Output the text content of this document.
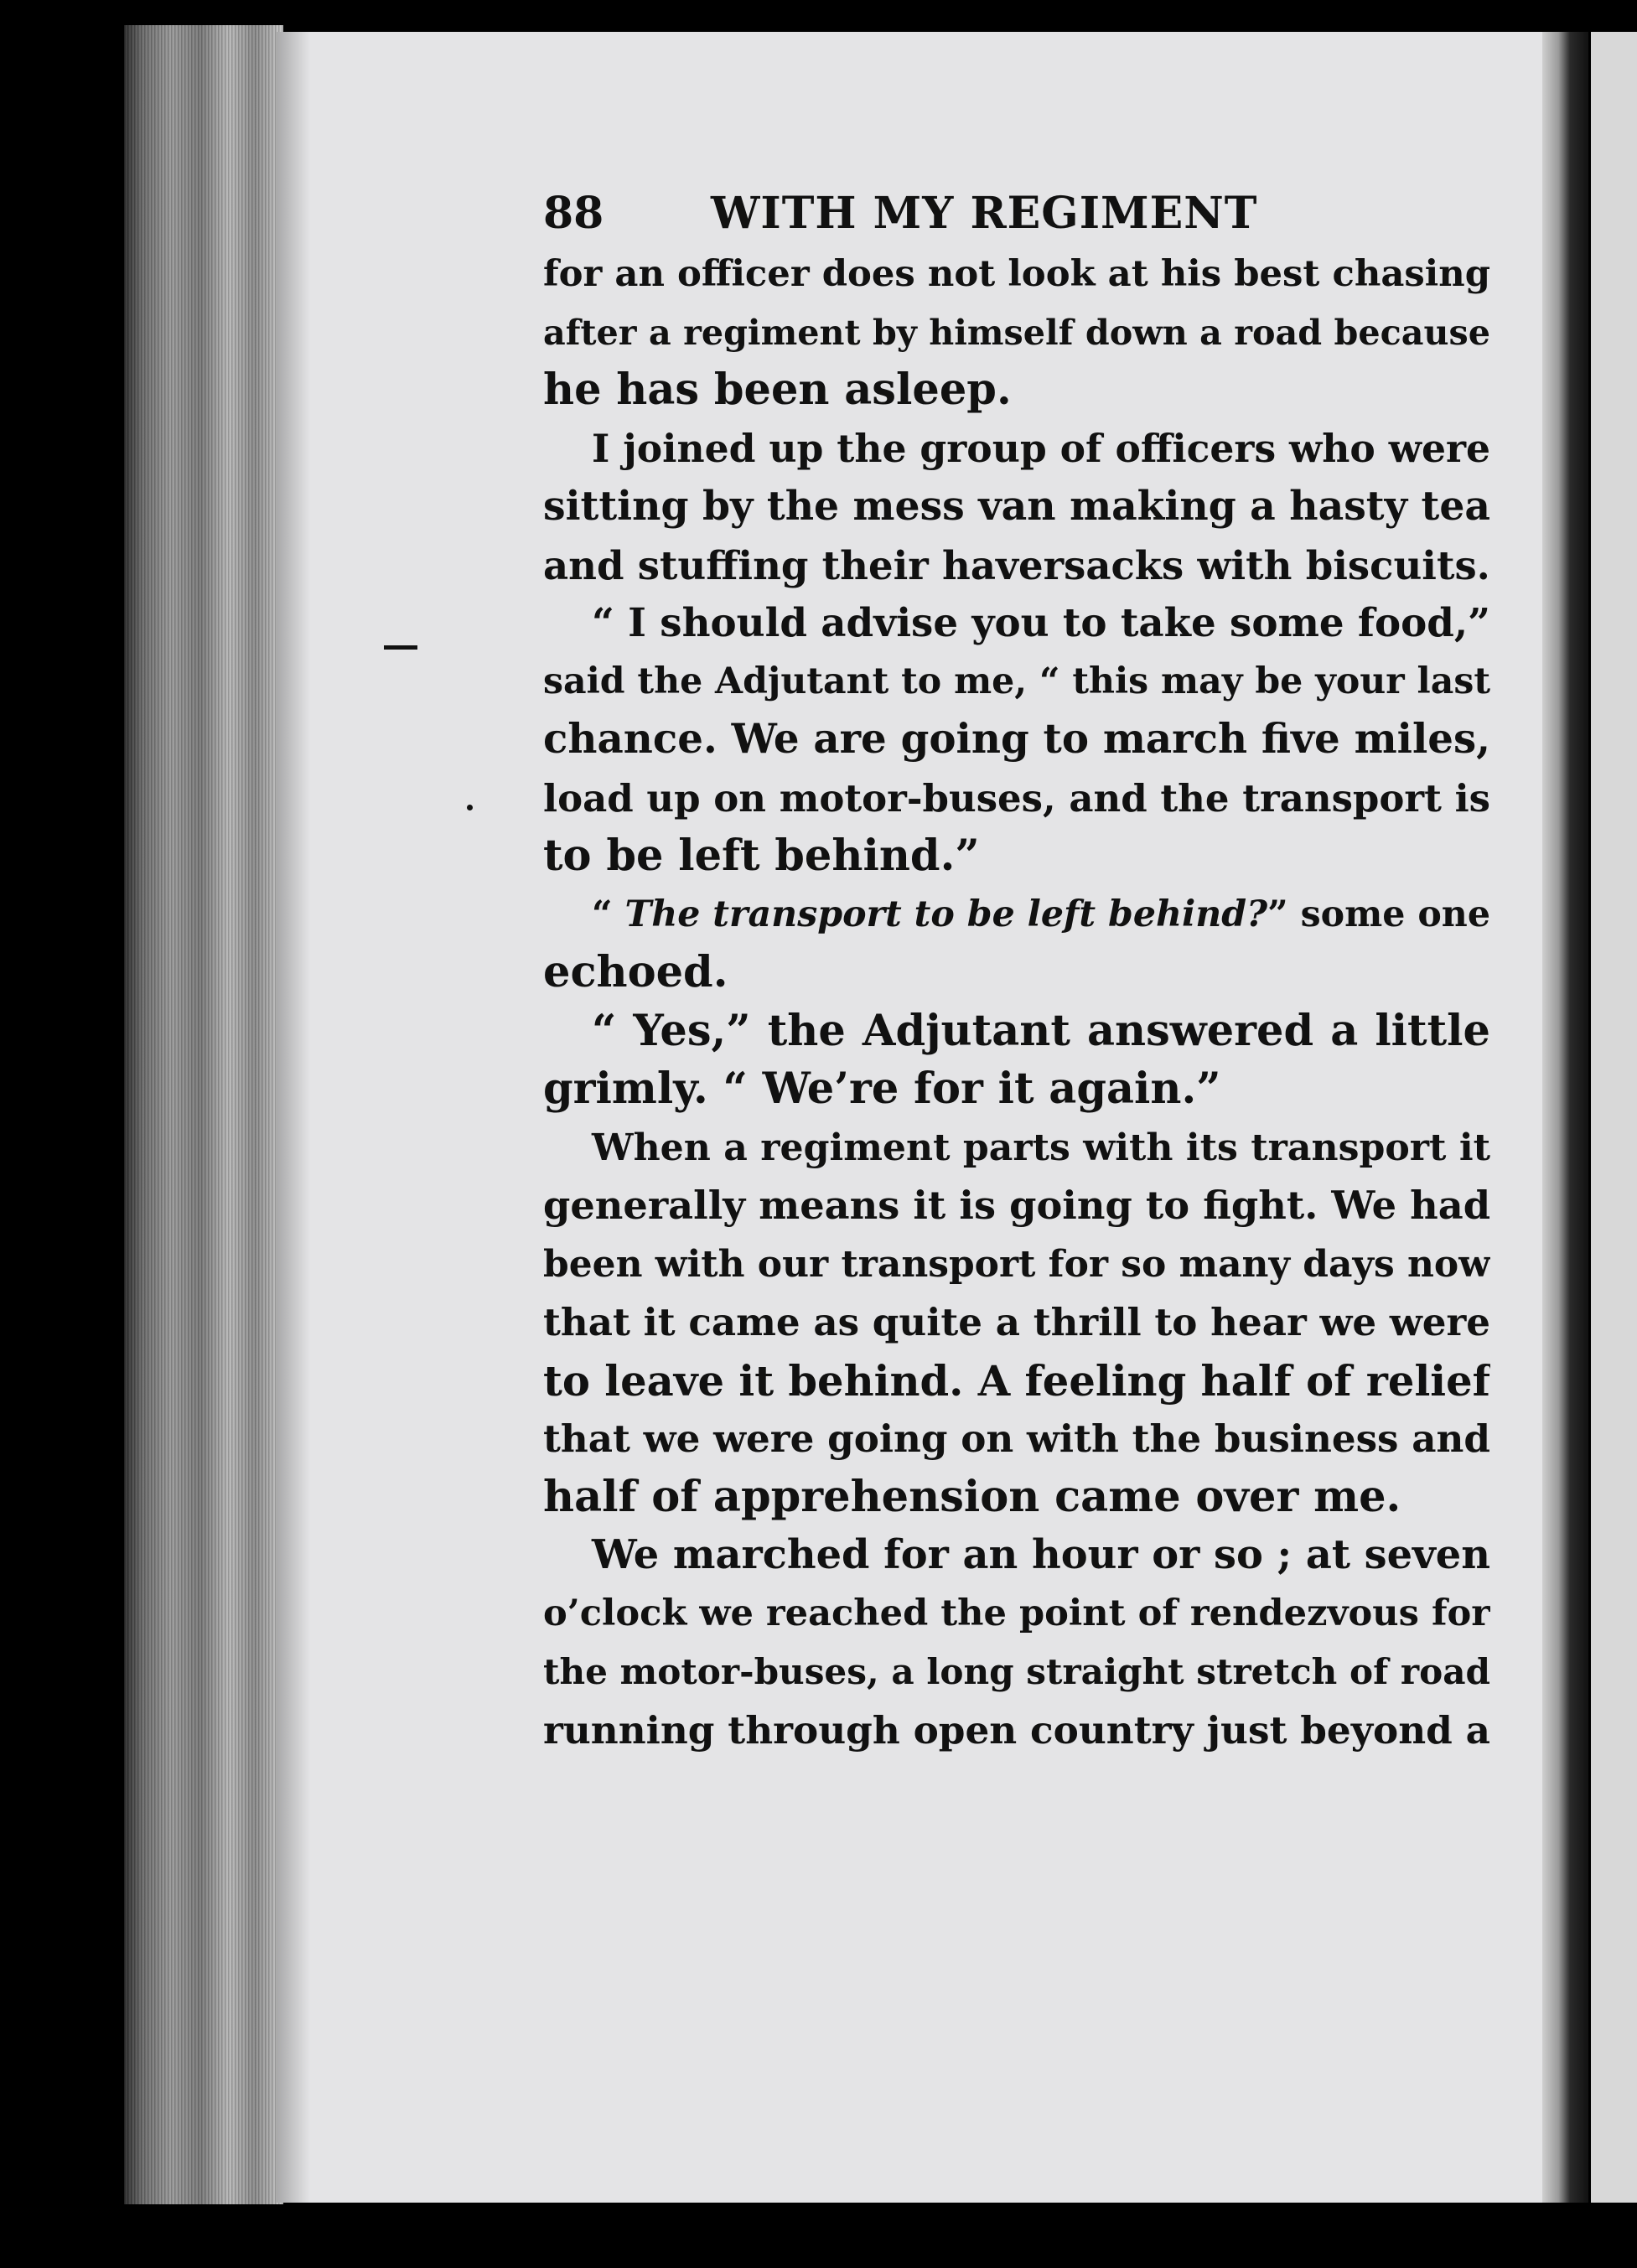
88	WITH MY REGIMENT
for an officer does not look at his best chasing
after a regiment by himself down a road because
he has been asleep.
I joined up the group of officers who were
sitting by the mess van making a hasty tea
and stuffing their haversacks with biscuits.
“ I should advise you to take some food,”
said the Adjutant to me, “ this may be your last
chance. We are going to march five miles,
load up on motor-buses, and the transport is
to be left behind.”
“ The transport to be left behind?” some one
echoed.
“ Yes,” the Adjutant answered a little
grimly. “ We’re for it again.”
When a regiment parts with its transport it
generally means it is going to fight. We had
been with our transport for so many days now
that it came as quite a thrill to hear we were
to leave it behind. A feeling half of relief
that we were going on with the business and
half of apprehension came over me.
We marched for an hour or so ; at seven
o’clock we reached the point of rendezvous for
the motor-buses, a long straight stretch of road
running through open country just beyond a
